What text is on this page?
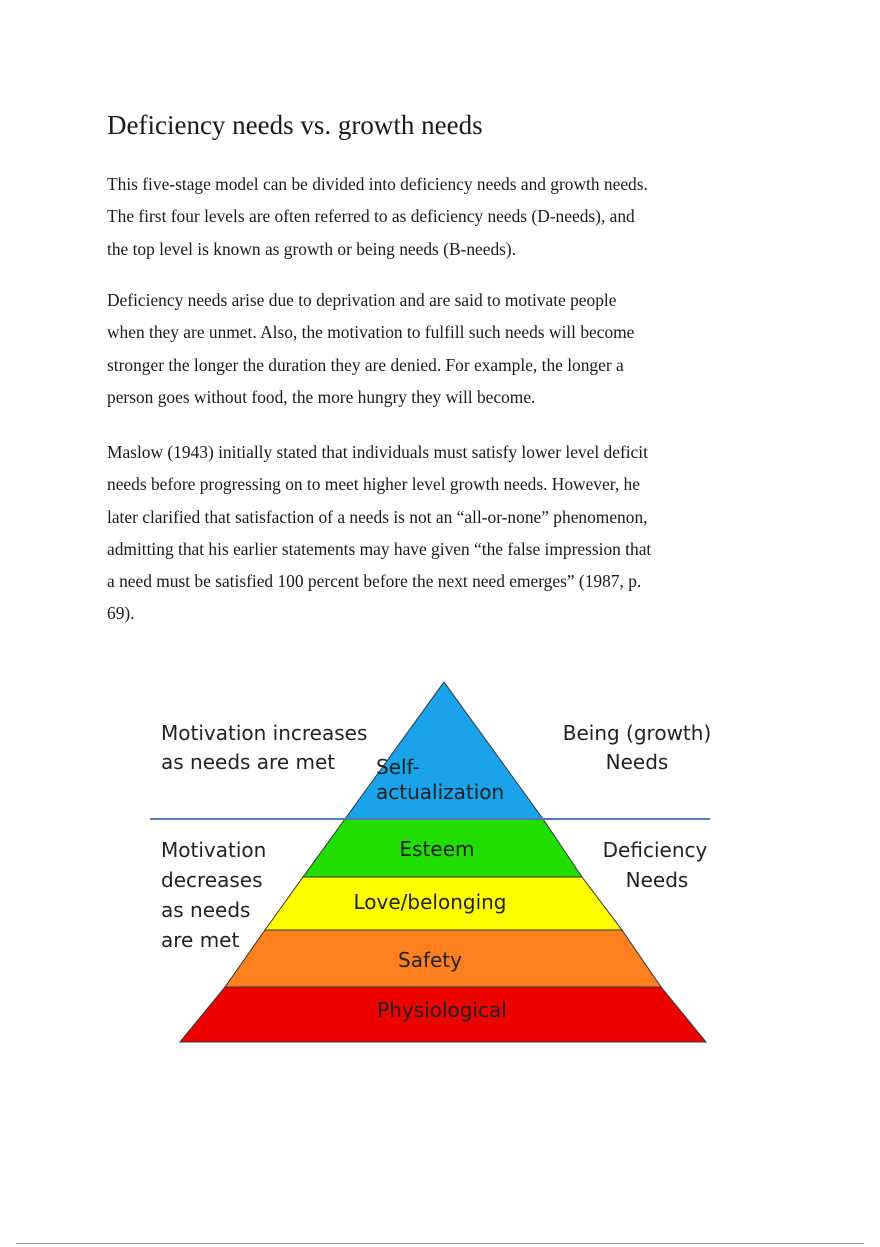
Deficiency needs vs. growth needs

This five-stage model can be divided into deficiency needs and growth needs.
The first four levels are often referred to as deficiency needs (D-needs), and
the top level is known as growth or being needs (B-needs).

Deficiency needs arise due to deprivation and are said to motivate people
when they are unmet. Also, the motivation to fulfill such needs will become
stronger the longer the duration they are denied. For example, the longer a
person goes without food, the more hungry they will become.

Maslow (1943) initially stated that individuals must satisfy lower level deficit
needs before progressing on to meet higher level growth needs. However, he
later clarified that satisfaction of a needs is not an “all-or-none” phenomenon,
admitting that his earlier statements may have given “the false impression that
a need must be satisfied 100 percent before the next need emerges” (1987, p.
69).

Self-
actualization
Esteem
Love/belonging
Safety
Physiological
Motivation increases
as needs are met
Being (growth)
Needs
Motivation
decreases
as needs
are met
Deficiency
Needs
